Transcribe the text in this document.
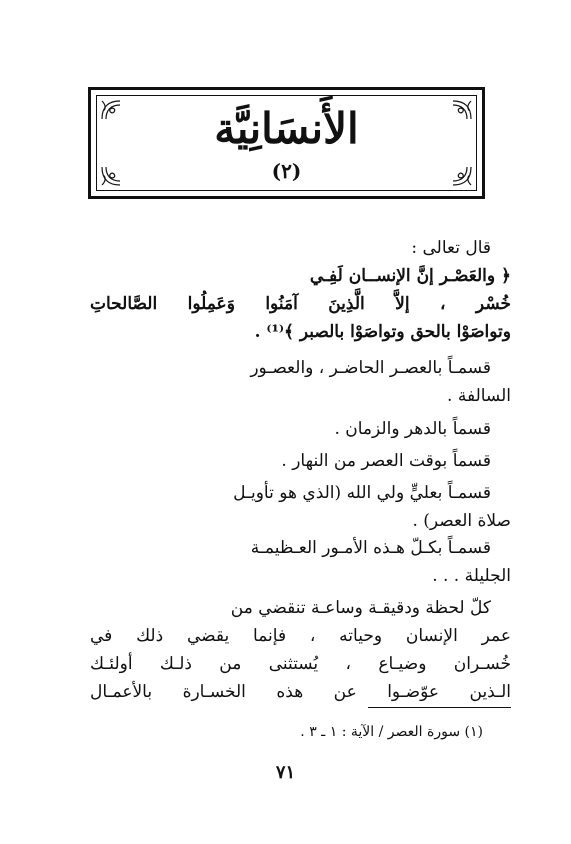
الأَنسَانِيَّة
(٢)
قال تعالى :
﴿ والعَصْـر إنَّ الإنســان لَفِـي
خُسْر ، إلاَّ الَّذِينَ آمَنُوا وَعَمِلُوا الصَّالحاتِ
وتواصَوْا بالحق وتواصَوْا بالصبر ﴾⁽¹⁾ .
قسمـاً بالعصـر الحاضـر ، والعصـور
السالفة .
قسماً بالدهر والزمان .
قسماً بوقت العصر من النهار .
قسمـاً بعليٍّ ولي الله (الذي هو تأويـل
صلاة العصر) .
قسمـاً بكـلّ هـذه الأمـور العـظيمـة
الجليلة . . .
كلّ لحظة ودقيقـة وساعـة تنقضي من
عمر الإنسان وحياته ، فإنما يقضي ذلك في
خُسـران وضيـاع ، يُستثنى من ذلـك أولئـك
الـذين عوّضـوا عن هذه الخسـارة بالأعمـال
(١) سورة العصر / الآية : ١ ـ ٣ .
٧١
